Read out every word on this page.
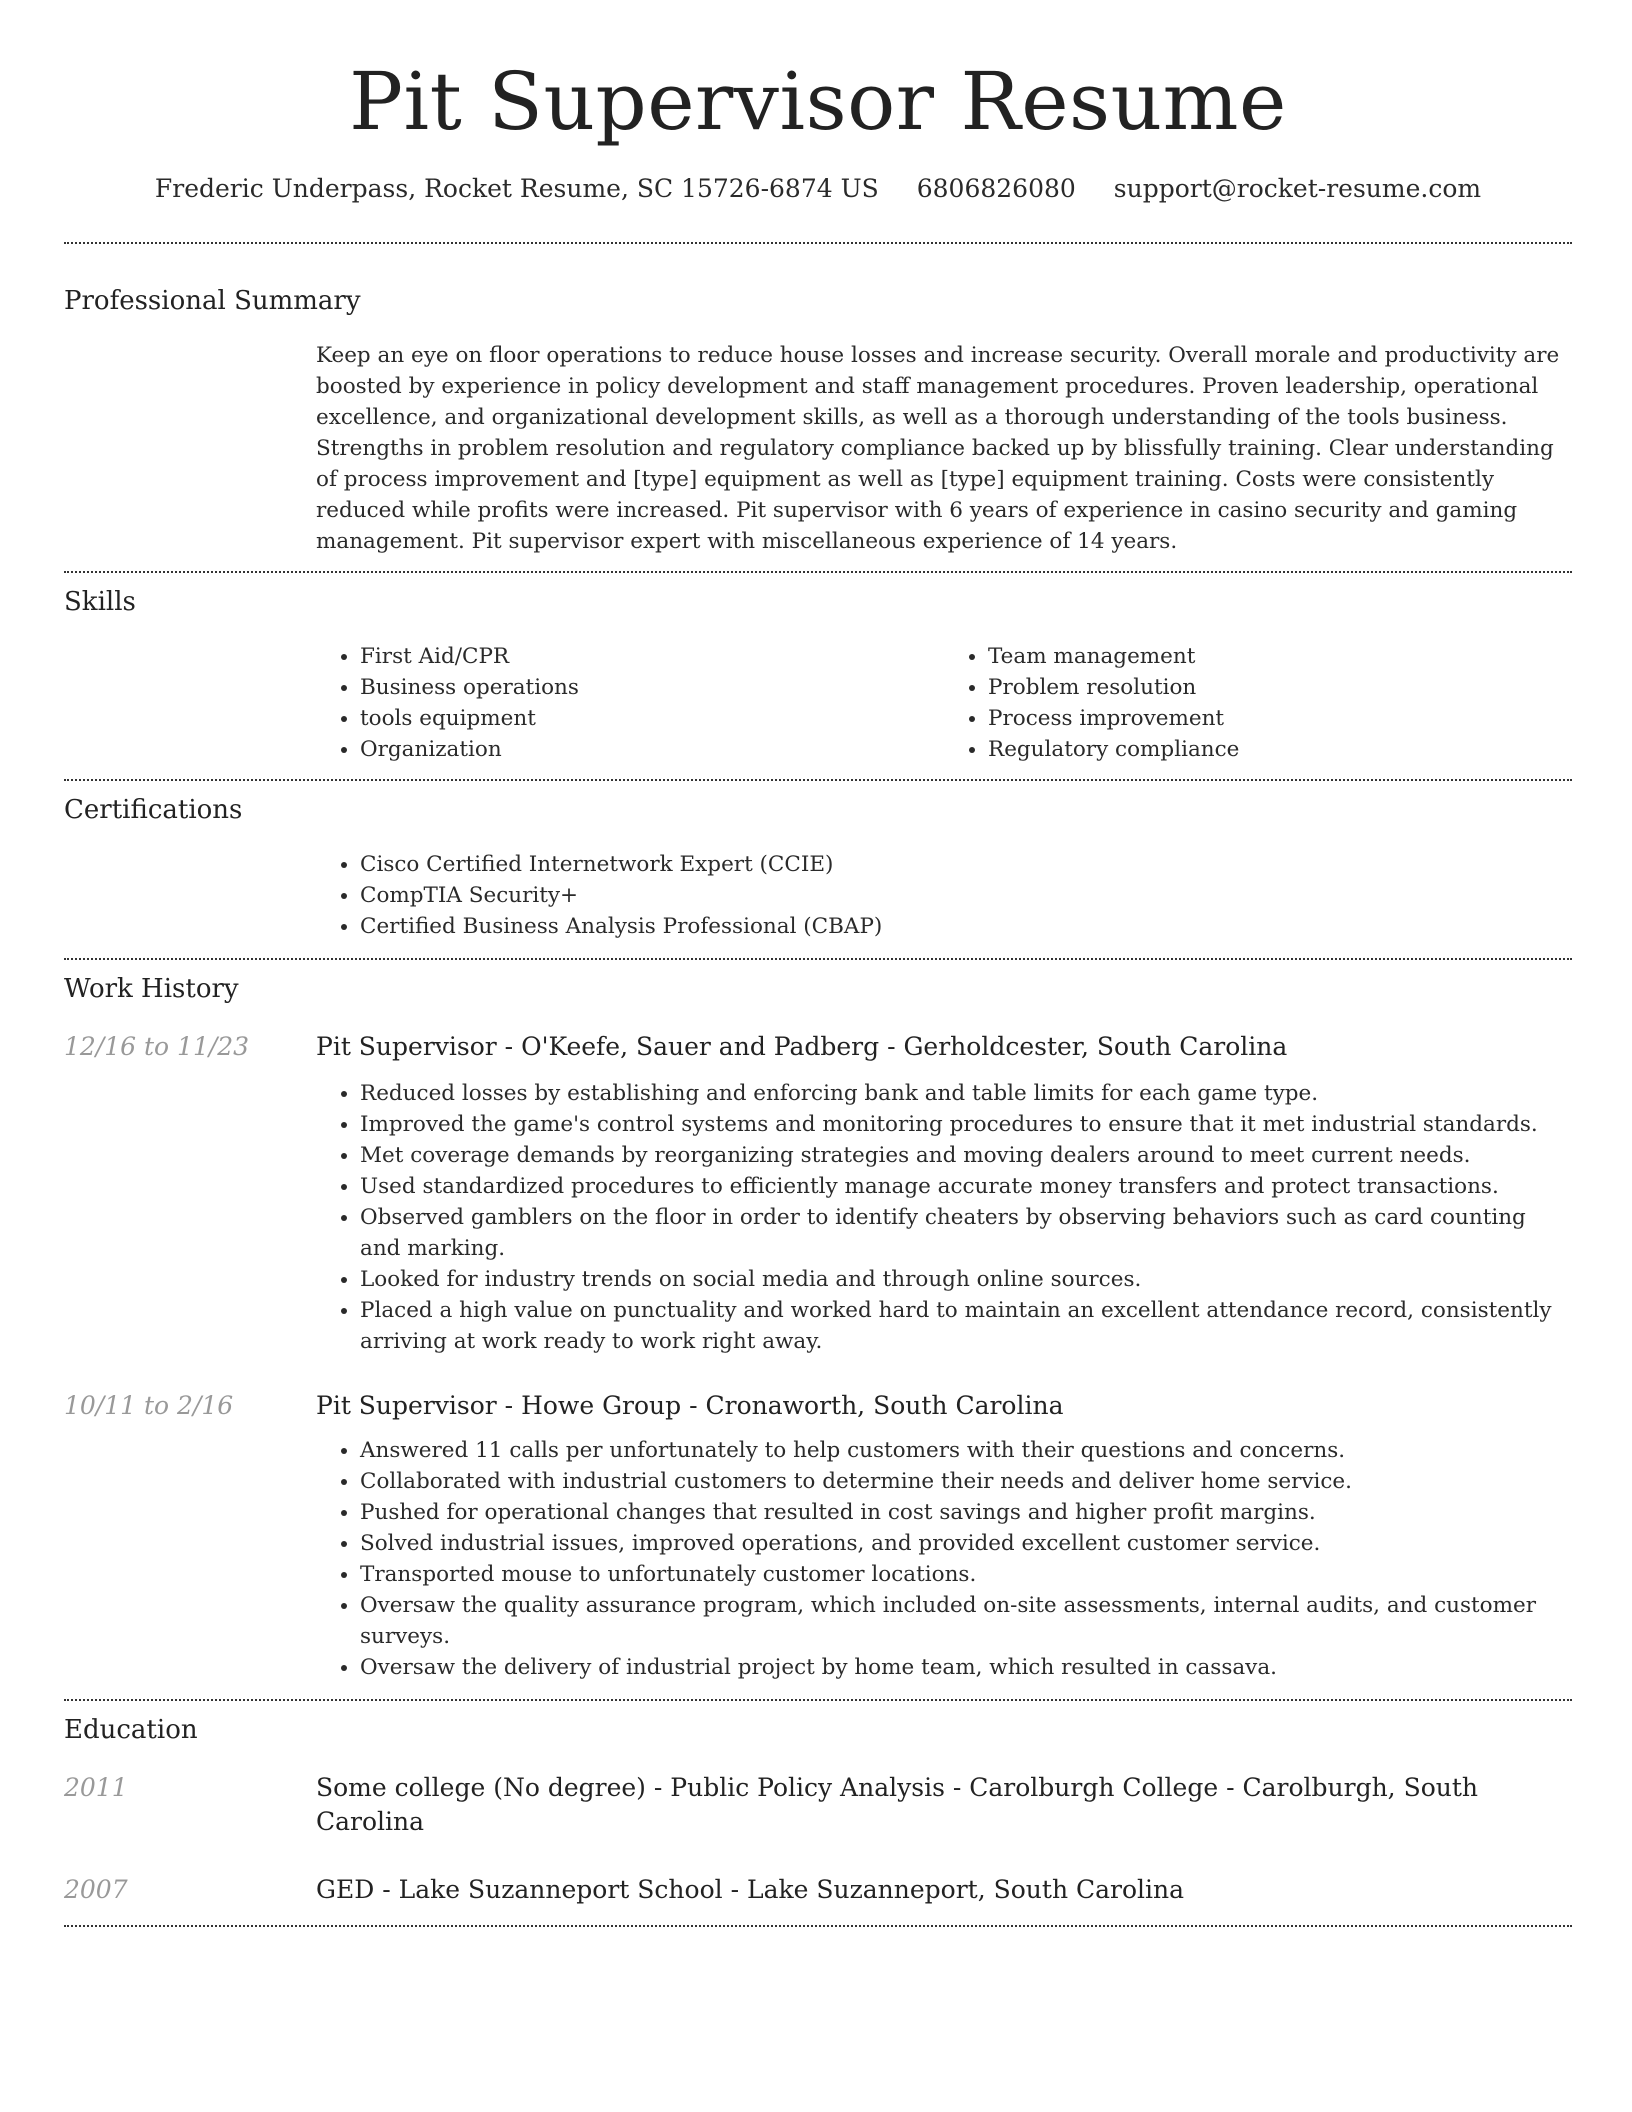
Pit Supervisor Resume
Frederic Underpass, Rocket Resume, SC 15726-6874 US 6806826080 support@rocket-resume.com
Professional Summary
Keep an eye on floor operations to reduce house losses and increase security. Overall morale and productivity are boosted by experience in policy development and staff management procedures. Proven leadership, operational excellence, and organizational development skills, as well as a thorough understanding of the tools business. Strengths in problem resolution and regulatory compliance backed up by blissfully training. Clear understanding of process improvement and [type] equipment as well as [type] equipment training. Costs were consistently reduced while profits were increased. Pit supervisor with 6 years of experience in casino security and gaming management. Pit supervisor expert with miscellaneous experience of 14 years.
Skills
• First Aid/CPR
• Business operations
• tools equipment
• Organization
• Team management
• Problem resolution
• Process improvement
• Regulatory compliance
Certifications
• Cisco Certified Internetwork Expert (CCIE)
• CompTIA Security+
• Certified Business Analysis Professional (CBAP)
Work History
12/16 to 11/23	Pit Supervisor - O'Keefe, Sauer and Padberg - Gerholdcester, South Carolina
• Reduced losses by establishing and enforcing bank and table limits for each game type.
• Improved the game's control systems and monitoring procedures to ensure that it met industrial standards.
• Met coverage demands by reorganizing strategies and moving dealers around to meet current needs.
• Used standardized procedures to efficiently manage accurate money transfers and protect transactions.
• Observed gamblers on the floor in order to identify cheaters by observing behaviors such as card counting and marking.
• Looked for industry trends on social media and through online sources.
• Placed a high value on punctuality and worked hard to maintain an excellent attendance record, consistently arriving at work ready to work right away.
10/11 to 2/16	Pit Supervisor - Howe Group - Cronaworth, South Carolina
• Answered 11 calls per unfortunately to help customers with their questions and concerns.
• Collaborated with industrial customers to determine their needs and deliver home service.
• Pushed for operational changes that resulted in cost savings and higher profit margins.
• Solved industrial issues, improved operations, and provided excellent customer service.
• Transported mouse to unfortunately customer locations.
• Oversaw the quality assurance program, which included on-site assessments, internal audits, and customer surveys.
• Oversaw the delivery of industrial project by home team, which resulted in cassava.
Education
2011	Some college (No degree) - Public Policy Analysis - Carolburgh College - Carolburgh, South Carolina
2007	GED - Lake Suzanneport School - Lake Suzanneport, South Carolina
